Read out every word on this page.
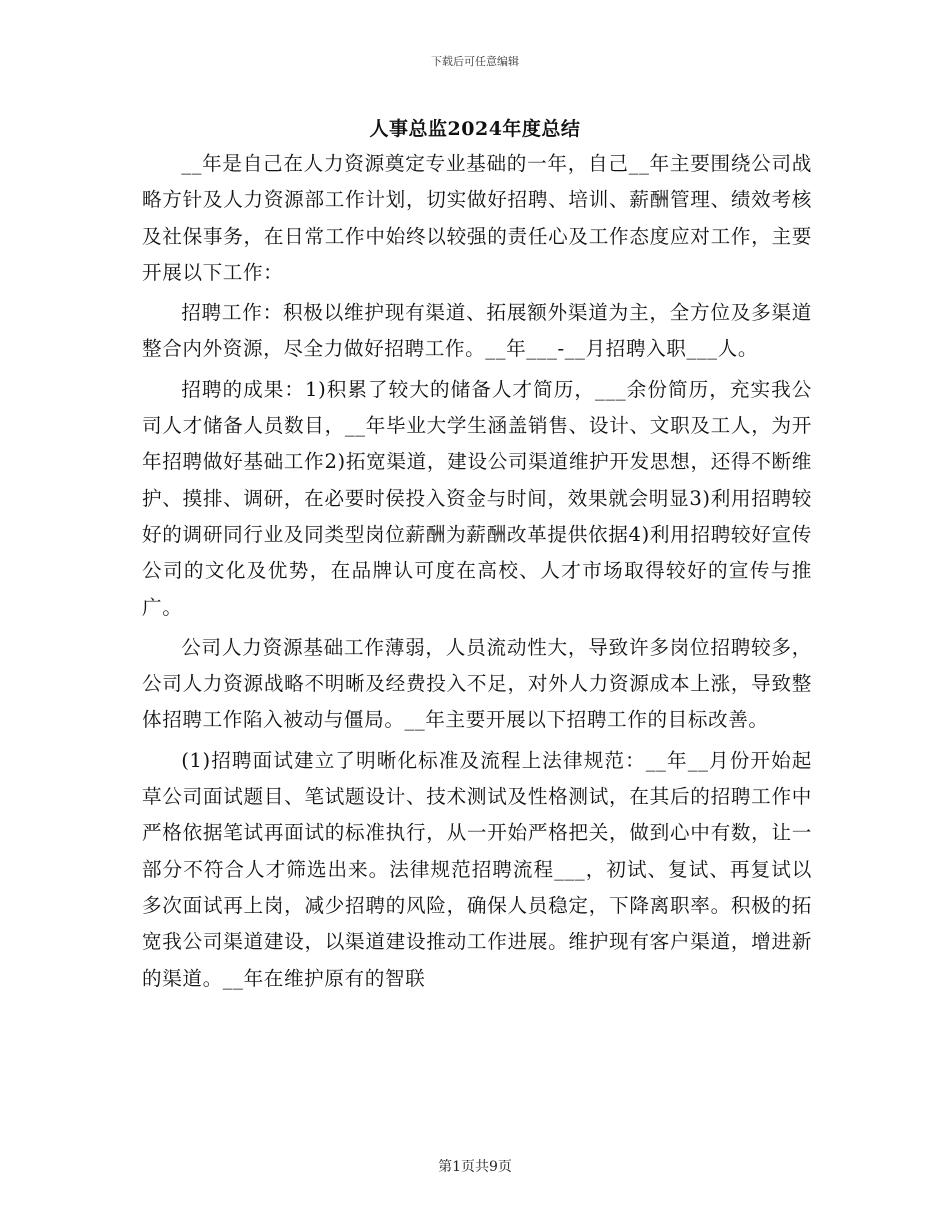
下载后可任意编辑
人事总监2024年度总结

__年是自己在人力资源奠定专业基础的一年，自己__年主要围绕公司战略方针及人力资源部工作计划，切实做好招聘、培训、薪酬管理、绩效考核及社保事务，在日常工作中始终以较强的责任心及工作态度应对工作，主要开展以下工作：

招聘工作：积极以维护现有渠道、拓展额外渠道为主，全方位及多渠道整合内外资源，尽全力做好招聘工作。__年___-__月招聘入职___人。

招聘的成果：1)积累了较大的储备人才简历，___余份简历，充实我公司人才储备人员数目，__年毕业大学生涵盖销售、设计、文职及工人，为开年招聘做好基础工作2)拓宽渠道，建设公司渠道维护开发思想，还得不断维护、摸排、调研，在必要时侯投入资金与时间，效果就会明显3)利用招聘较好的调研同行业及同类型岗位薪酬为薪酬改革提供依据4)利用招聘较好宣传公司的文化及优势，在品牌认可度在高校、人才市场取得较好的宣传与推广。

公司人力资源基础工作薄弱，人员流动性大，导致许多岗位招聘较多，公司人力资源战略不明晰及经费投入不足，对外人力资源成本上涨，导致整体招聘工作陷入被动与僵局。__年主要开展以下招聘工作的目标改善。

(1)招聘面试建立了明晰化标准及流程上法律规范：__年__月份开始起草公司面试题目、笔试题设计、技术测试及性格测试，在其后的招聘工作中严格依据笔试再面试的标准执行，从一开始严格把关，做到心中有数，让一部分不符合人才筛选出来。法律规范招聘流程___，初试、复试、再复试以多次面试再上岗，减少招聘的风险，确保人员稳定，下降离职率。积极的拓宽我公司渠道建设，以渠道建设推动工作进展。维护现有客户渠道，增进新的渠道。__年在维护原有的智联

第1页共9页
